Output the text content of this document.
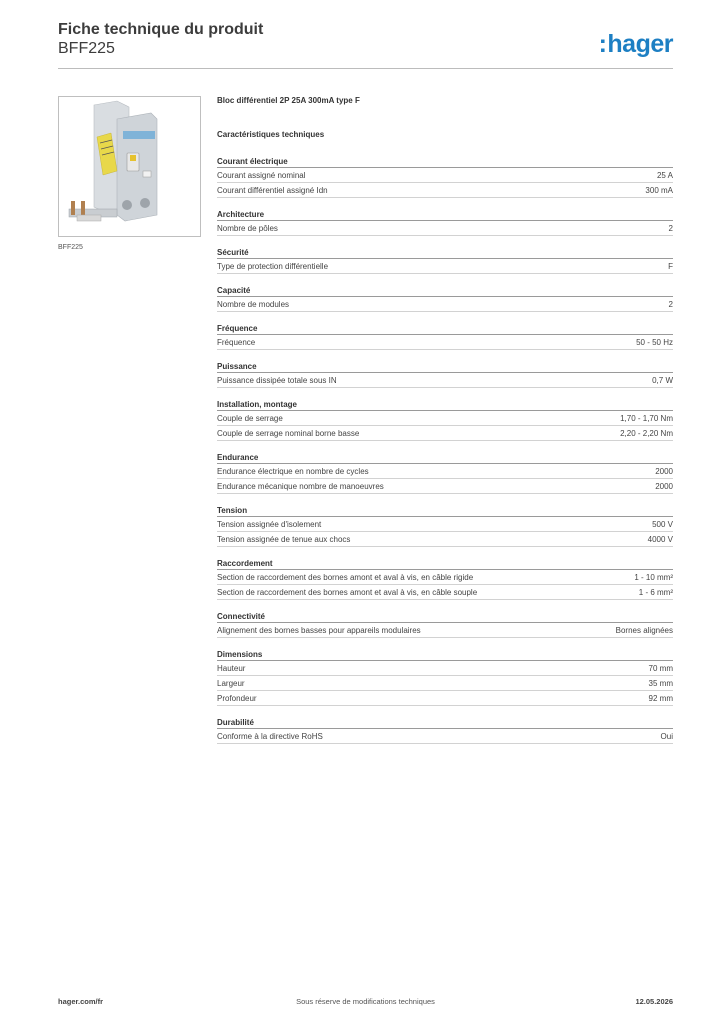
Fiche technique du produit
BFF225	:hager
BFF225
Bloc différentiel 2P 25A 300mA type F
Caractéristiques techniques
Courant électrique
Courant assigné nominal	25 A
Courant différentiel assigné Idn	300 mA
Architecture
Nombre de pôles	2
Sécurité
Type de protection différentielle	F
Capacité
Nombre de modules	2
Fréquence
Fréquence	50 - 50 Hz
Puissance
Puissance dissipée totale sous IN	0,7 W
Installation, montage
Couple de serrage	1,70 - 1,70 Nm
Couple de serrage nominal borne basse	2,20 - 2,20 Nm
Endurance
Endurance électrique en nombre de cycles	2000
Endurance mécanique nombre de manoeuvres	2000
Tension
Tension assignée d'isolement	500 V
Tension assignée de tenue aux chocs	4000 V
Raccordement
Section de raccordement des bornes amont et aval à vis, en câble rigide	1 - 10 mm²
Section de raccordement des bornes amont et aval à vis, en câble souple	1 - 6 mm²
Connectivité
Alignement des bornes basses pour appareils modulaires	Bornes alignées
Dimensions
Hauteur	70 mm
Largeur	35 mm
Profondeur	92 mm
Durabilité
Conforme à la directive RoHS	Oui
hager.com/fr	Sous réserve de modifications techniques	12.05.2026
